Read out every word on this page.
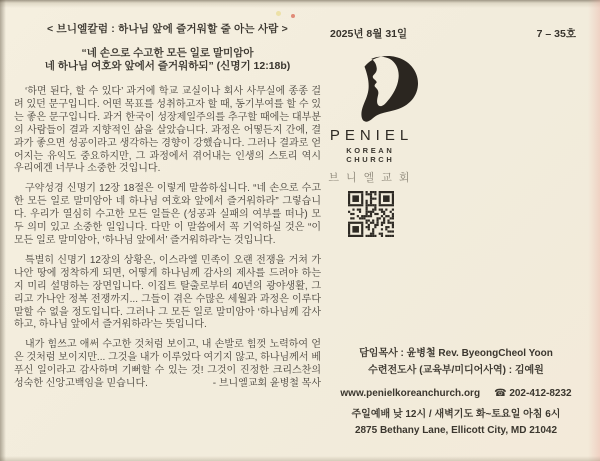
< 브니엘칼럼 : 하나님 앞에 즐거워할 줄 아는 사람 >
“네 손으로 수고한 모든 일로 말미암아
네 하나님 여호와 앞에서 즐거워하되” (신명기 12:18b)

‘하면 된다, 할 수 있다’ 과거에 학교 교실이나 회사 사무실에 종종 걸려 있던 문구입니다. 어떤 목표를 성취하고자 할 때, 동기부여를 할 수 있는 좋은 문구입니다. 과거 한국이 성장제일주의를 추구할 때에는 대부분의 사람들이 결과 지향적인 삶을 살았습니다. 과정은 어떻든지 간에, 결과가 좋으면 성공이라고 생각하는 경향이 강했습니다. 그러나 결과로 얻어지는 유익도 중요하지만, 그 과정에서 겪어내는 인생의 스토리 역시 우리에겐 너무나 소중한 것입니다.

구약성경 신명기 12장 18절은 이렇게 말씀하십니다. “네 손으로 수고한 모든 일로 말미암아 네 하나님 여호와 앞에서 즐거워하라” 그렇습니다. 우리가 열심히 수고한 모든 일들은 (성공과 실패의 여부를 떠나) 모두 의미 있고 소중한 일입니다. 다만 이 말씀에서 꼭 기억하실 것은 “이 모든 일로 말미암아, ‘하나님 앞에서’ 즐거워하라”는 것입니다.

특별히 신명기 12장의 상황은, 이스라엘 민족이 오랜 전쟁을 거쳐 가나안 땅에 정착하게 되면, 어떻게 하나님께 감사의 제사를 드려야 하는지 미리 설명하는 장면입니다. 이집트 탈출로부터 40년의 광야생활, 그리고 가나안 정복 전쟁까지... 그들이 겪은 수많은 세월과 과정은 이루다 말할 수 없을 정도입니다. 그러나 그 모든 일로 말미암아 ‘하나님께 감사하고, 하나님 앞에서 즐거워하라’는 뜻입니다.

내가 힘쓰고 애써 수고한 것처럼 보이고, 내 손발로 힘껏 노력하여 얻은 것처럼 보이지만... 그것을 내가 이루었다 여기지 않고, 하나님께서 베푸신 일이라고 감사하며 기뻐할 수 있는 것! 그것이 진정한 크리스찬의 성숙한 신앙고백임을 믿습니다.	- 브니엘교회 윤병철 목사

2025년 8월 31일	7 – 35호
PENIEL
KOREAN CHURCH
브니엘교회
담임목사 : 윤병철 Rev. ByeongCheol Yoon
수련전도사 (교육부/미디어사역) : 김예원
www.penielkoreanchurch.org ☎ 202-412-8232
주일예배 낮 12시 / 새벽기도 화~토요일 아침 6시
2875 Bethany Lane, Ellicott City, MD 21042
